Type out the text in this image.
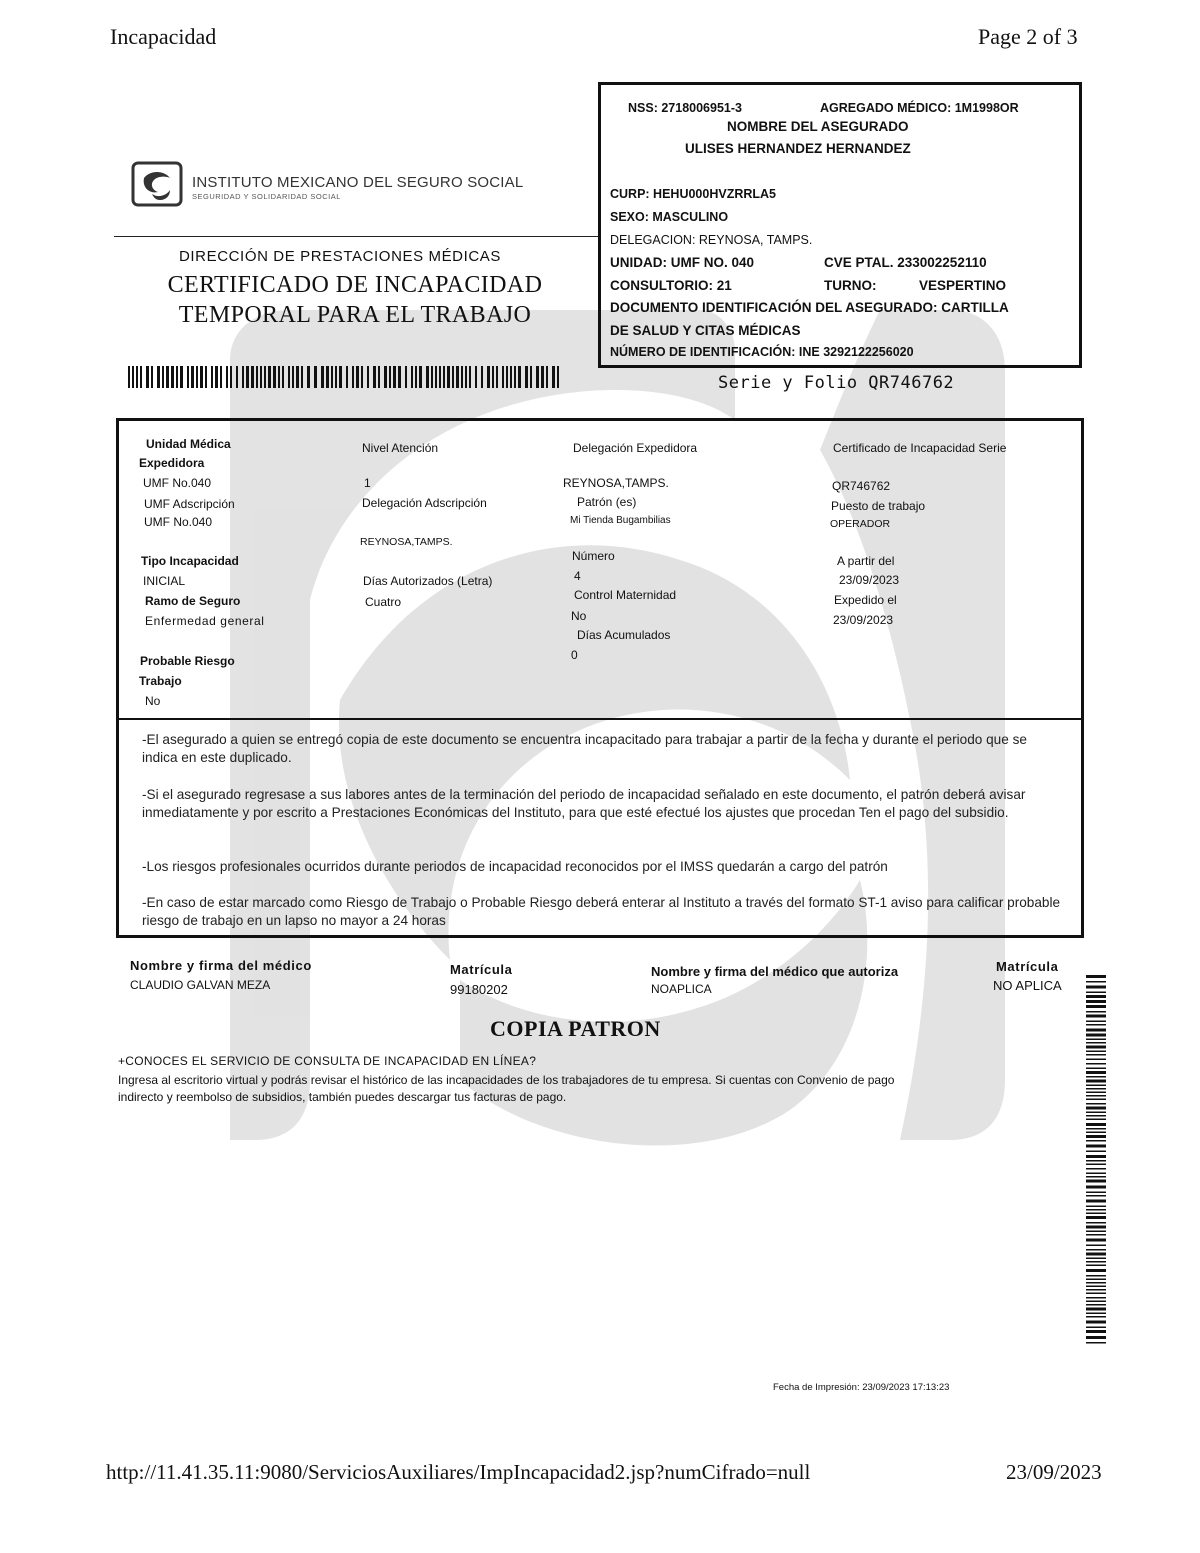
Incapacidad	Page 2 of 3
INSTITUTO MEXICANO DEL SEGURO SOCIAL
SEGURIDAD Y SOLIDARIDAD SOCIAL
DIRECCIÓN DE PRESTACIONES MÉDICAS
CERTIFICADO DE INCAPACIDAD
TEMPORAL PARA EL TRABAJO
NSS: 2718006951-3	AGREGADO MÉDICO: 1M1998OR
NOMBRE DEL ASEGURADO
ULISES HERNANDEZ HERNANDEZ
CURP: HEHU000HVZRRLA5
SEXO: MASCULINO
DELEGACION: REYNOSA, TAMPS.
UNIDAD: UMF NO. 040	CVE PTAL. 233002252110
CONSULTORIO: 21	TURNO:	VESPERTINO
DOCUMENTO IDENTIFICACIÓN DEL ASEGURADO: CARTILLA
DE SALUD Y CITAS MÉDICAS
NÚMERO DE IDENTIFICACIÓN: INE 3292122256020
Serie y Folio QR746762
Unidad Médica
Expedidora
UMF No.040
UMF Adscripción
UMF No.040
Tipo Incapacidad
INICIAL
Ramo de Seguro
Enfermedad general
Probable Riesgo
Trabajo
No
Nivel Atención
1
Delegación Adscripción
REYNOSA,TAMPS.
Días Autorizados (Letra)
Cuatro
Delegación Expedidora
REYNOSA,TAMPS.
Patrón (es)
Mi Tienda Bugambilias
Número
4
Control Maternidad
No
Días Acumulados
0
Certificado de Incapacidad Serie
QR746762
Puesto de trabajo
OPERADOR
A partir del
23/09/2023
Expedido el
23/09/2023
-El asegurado a quien se entregó copia de este documento se encuentra incapacitado para trabajar a partir de la fecha y durante el periodo que se indica en este duplicado.
-Si el asegurado regresase a sus labores antes de la terminación del periodo de incapacidad señalado en este documento, el patrón deberá avisar inmediatamente y por escrito a Prestaciones Económicas del Instituto, para que esté efectué los ajustes que procedan Ten el pago del subsidio.
-Los riesgos profesionales ocurridos durante periodos de incapacidad reconocidos por el IMSS quedarán a cargo del patrón
-En caso de estar marcado como Riesgo de Trabajo o Probable Riesgo deberá enterar al Instituto a través del formato ST-1 aviso para calificar probable riesgo de trabajo en un lapso no mayor a 24 horas
Nombre y firma del médico
CLAUDIO GALVAN MEZA
Matrícula
99180202
Nombre y firma del médico que autoriza
NOAPLICA
Matrícula
NO APLICA
COPIA PATRON
+CONOCES EL SERVICIO DE CONSULTA DE INCAPACIDAD EN LÍNEA?
Ingresa al escritorio virtual y podrás revisar el histórico de las incapacidades de los trabajadores de tu empresa. Si cuentas con Convenio de pago indirecto y reembolso de subsidios, también puedes descargar tus facturas de pago.
Fecha de Impresión: 23/09/2023 17:13:23
http://11.41.35.11:9080/ServiciosAuxiliares/ImpIncapacidad2.jsp?numCifrado=null	23/09/2023
